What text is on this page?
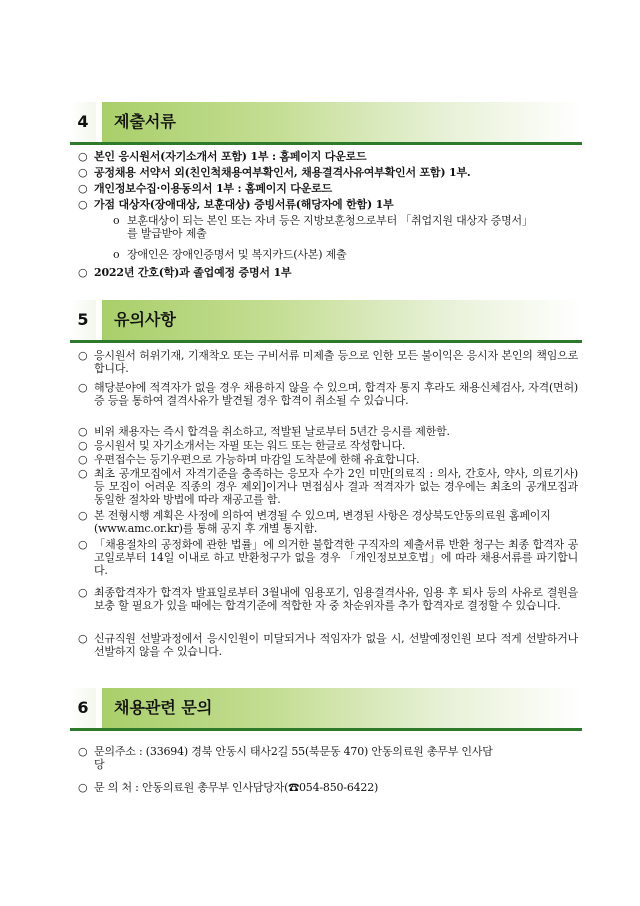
4	제출서류
○ 본인 응시원서(자기소개서 포함) 1부 : 홈페이지 다운로드
○ 공정채용 서약서 외(친인척채용여부확인서, 채용결격사유여부확인서 포함) 1부.
○ 개인정보수집·이용동의서 1부 : 홈페이지 다운로드
○ 가점 대상자(장애대상, 보훈대상) 증빙서류(해당자에 한함) 1부
o 보훈대상이 되는 본인 또는 자녀 등은 지방보훈청으로부터 「취업지원 대상자 증명서」를 발급받아 제출
o 장애인은 장애인증명서 및 복지카드(사본) 제출
○ 2022년 간호(학)과 졸업예정 증명서 1부
5	유의사항
○ 응시원서 허위기재, 기재착오 또는 구비서류 미제출 등으로 인한 모든 불이익은 응시자 본인의 책임으로 합니다.
○ 해당분야에 적격자가 없을 경우 채용하지 않을 수 있으며, 합격자 통지 후라도 채용신체검사, 자격(면허)증 등을 통하여 결격사유가 발견될 경우 합격이 취소될 수 있습니다.
○ 비위 채용자는 즉시 합격을 취소하고, 적발된 날로부터 5년간 응시를 제한함.
○ 응시원서 및 자기소개서는 자필 또는 워드 또는 한글로 작성합니다.
○ 우편접수는 등기우편으로 가능하며 마감일 도착분에 한해 유효합니다.
○ 최초 공개모집에서 자격기준을 충족하는 응모자 수가 2인 미만[의료직 : 의사, 간호사, 약사, 의료기사) 등 모집이 어려운 직종의 경우 제외]이거나 면접심사 결과 적격자가 없는 경우에는 최초의 공개모집과 동일한 절차와 방법에 따라 재공고를 함.
○ 본 전형시행 계획은 사정에 의하여 변경될 수 있으며, 변경된 사항은 경상북도안동의료원 홈페이지(www.amc.or.kr)를 통해 공지 후 개별 통지함.
○ 「채용절차의 공정화에 관한 법률」에 의거한 불합격한 구직자의 제출서류 반환 청구는 최종 합격자 공고일로부터 14일 이내로 하고 반환청구가 없을 경우 「개인정보보호법」에 따라 채용서류를 파기합니다.
○ 최종합격자가 합격자 발표일로부터 3월내에 임용포기, 임용결격사유, 임용 후 퇴사 등의 사유로 결원을 보충 할 필요가 있을 때에는 합격기준에 적합한 자 중 차순위자를 추가 합격자로 결정할 수 있습니다.
○ 신규직원 선발과정에서 응시인원이 미달되거나 적임자가 없을 시, 선발예정인원 보다 적게 선발하거나 선발하지 않을 수 있습니다.
6	채용관련 문의
○ 문의주소 : (33694) 경북 안동시 태사2길 55(북문동 470) 안동의료원 총무부 인사담당
○ 문 의 처 : 안동의료원 총무부 인사담당자(☎054-850-6422)
